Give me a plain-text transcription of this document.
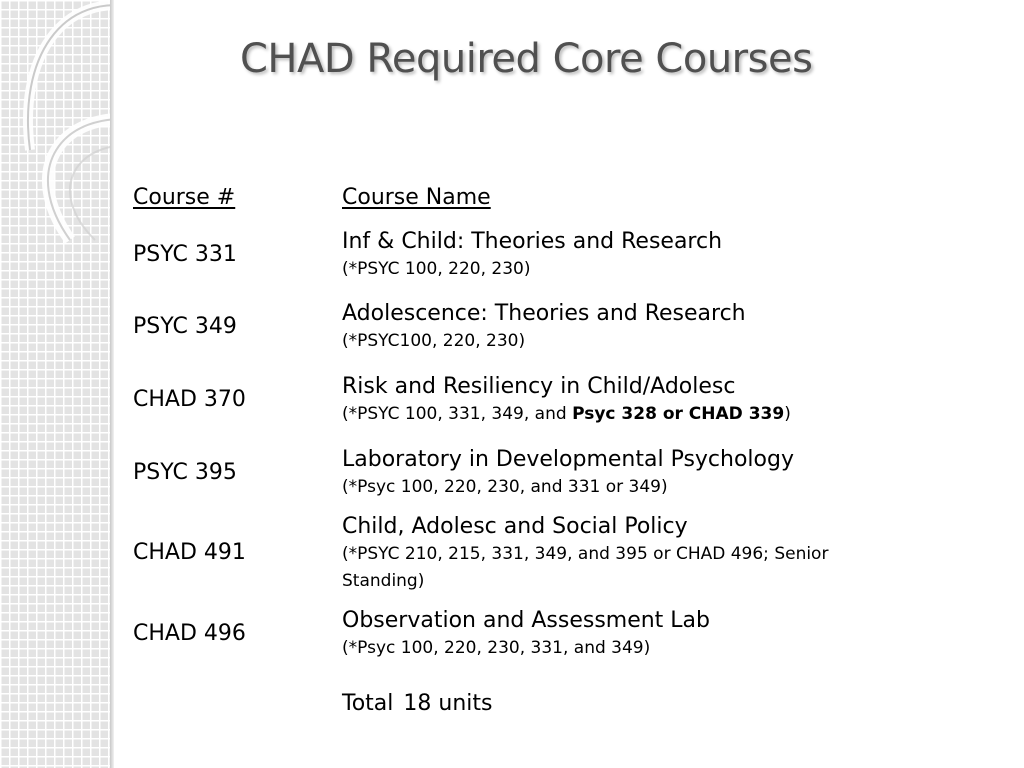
CHAD Required Core Courses
Course #	Course Name
PSYC 331
Inf & Child: Theories and Research
(*PSYC 100, 220, 230)
PSYC 349
Adolescence: Theories and Research
(*PSYC100, 220, 230)
CHAD 370
Risk and Resiliency in Child/Adolesc
(*PSYC 100, 331, 349, and Psyc 328 or CHAD 339)
PSYC 395
Laboratory in Developmental Psychology
(*Psyc 100, 220, 230, and 331 or 349)
CHAD 491
Child, Adolesc and Social Policy
(*PSYC 210, 215, 331, 349, and 395 or CHAD 496; Senior Standing)
CHAD 496
Observation and Assessment Lab
(*Psyc 100, 220, 230, 331, and 349)
Total 18 units
